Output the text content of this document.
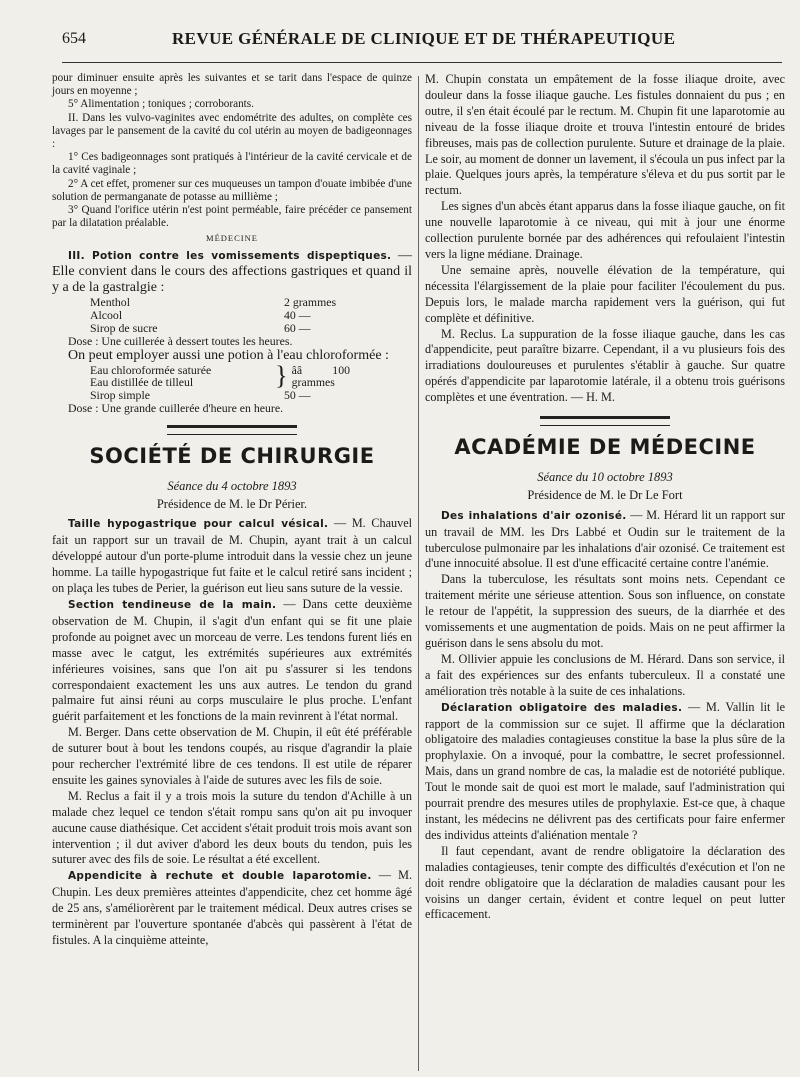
654	REVUE GÉNÉRALE DE CLINIQUE ET DE THÉRAPEUTIQUE

pour diminuer ensuite après les suivantes et se tarit dans l'espace de quinze jours en moyenne ;

5° Alimentation ; toniques ; corroborants.

II. Dans les vulvo-vaginites avec endométrite des adultes, on complète ces lavages par le pansement de la cavité du col utérin au moyen de badigeonnages :

1° Ces badigeonnages sont pratiqués à l'intérieur de la cavité cervicale et de la cavité vaginale ;

2° A cet effet, promener sur ces muqueuses un tampon d'ouate imbibée d'une solution de permanganate de potasse au millième ;

3° Quand l'orifice utérin n'est point perméable, faire précéder ce pansement par la dilatation préalable.

MÉDECINE

III. Potion contre les vomissements dispeptiques. — Elle convient dans le cours des affections gastriques et quand il y a de la gastralgie :

Menthol	2 grammes
Alcool	40 —
Sirop de sucre	60 —

Dose : Une cuillerée à dessert toutes les heures.

On peut employer aussi une potion à l'eau chloroformée :

Eau chloroformée saturée
Eau distillée de tilleul	} ââ 100 grammes
Sirop simple	50 —

Dose : Une grande cuillerée d'heure en heure.

SOCIÉTÉ DE CHIRURGIE
Séance du 4 octobre 1893
Présidence de M. le Dr Périer.

Taille hypogastrique pour calcul vésical. — M. Chauvel fait un rapport sur un travail de M. Chupin, ayant trait à un calcul développé autour d'un porte-plume introduit dans la vessie chez un jeune homme. La taille hypogastrique fut faite et le calcul retiré sans incident ; on plaça les tubes de Perier, la guérison eut lieu sans suture de la vessie.

Section tendineuse de la main. — Dans cette deuxième observation de M. Chupin, il s'agit d'un enfant qui se fit une plaie profonde au poignet avec un morceau de verre. Les tendons furent liés en masse avec le catgut, les extrémités supérieures aux extrémités inférieures voisines, sans que l'on ait pu s'assurer si les tendons correspondaient exactement les uns aux autres. Le tendon du grand palmaire fut ainsi réuni au corps musculaire le plus proche. L'enfant guérit parfaitement et les fonctions de la main revinrent à l'état normal.

M. Berger. Dans cette observation de M. Chupin, il eût été préférable de suturer bout à bout les tendons coupés, au risque d'agrandir la plaie pour rechercher l'extrémité libre de ces tendons. Il est utile de réparer ensuite les gaines synoviales à l'aide de sutures avec les fils de soie.

M. Reclus a fait il y a trois mois la suture du tendon d'Achille à un malade chez lequel ce tendon s'était rompu sans qu'on ait pu invoquer aucune cause diathésique. Cet accident s'était produit trois mois avant son intervention ; il dut aviver d'abord les deux bouts du tendon, puis les suturer avec des fils de soie. Le résultat a été excellent.

Appendicite à rechute et double laparotomie. — M. Chupin. Les deux premières atteintes d'appendicite, chez cet homme âgé de 25 ans, s'améliorèrent par le traitement médical. Deux autres crises se terminèrent par l'ouverture spontanée d'abcès qui passèrent à l'état de fistules. A la cinquième atteinte,

M. Chupin constata un empâtement de la fosse iliaque droite, avec douleur dans la fosse iliaque gauche. Les fistules donnaient du pus ; en outre, il s'en était écoulé par le rectum. M. Chupin fit une laparotomie au niveau de la fosse iliaque droite et trouva l'intestin entouré de brides fibreuses, mais pas de collection purulente. Suture et drainage de la plaie. Le soir, au moment de donner un lavement, il s'écoula un pus infect par la plaie. Quelques jours après, la température s'éleva et du pus sortit par le rectum.

Les signes d'un abcès étant apparus dans la fosse iliaque gauche, on fit une nouvelle laparotomie à ce niveau, qui mit à jour une énorme collection purulente bornée par des adhérences qui refoulaient l'intestin vers la ligne médiane. Drainage.

Une semaine après, nouvelle élévation de la température, qui nécessita l'élargissement de la plaie pour faciliter l'écoulement du pus. Depuis lors, le malade marcha rapidement vers la guérison, qui fut complète et définitive.

M. Reclus. La suppuration de la fosse iliaque gauche, dans les cas d'appendicite, peut paraître bizarre. Cependant, il a vu plusieurs fois des irradiations douloureuses et purulentes s'établir à gauche. Sur quatre opérés d'appendicite par laparotomie latérale, il a obtenu trois guérisons complètes et une éventration. — H. M.

ACADÉMIE DE MÉDECINE
Séance du 10 octobre 1893
Présidence de M. le Dr Le Fort

Des inhalations d'air ozonisé. — M. Hérard lit un rapport sur un travail de MM. les Drs Labbé et Oudin sur le traitement de la tuberculose pulmonaire par les inhalations d'air ozonisé. Ce traitement est d'une innocuité absolue. Il est d'une efficacité certaine contre l'anémie.

Dans la tuberculose, les résultats sont moins nets. Cependant ce traitement mérite une sérieuse attention. Sous son influence, on constate le retour de l'appétit, la suppression des sueurs, de la diarrhée et des vomissements et une augmentation de poids. Mais on ne peut affirmer la guérison dans le sens absolu du mot.

M. Ollivier appuie les conclusions de M. Hérard. Dans son service, il a fait des expériences sur des enfants tuberculeux. Il a constaté une amélioration très notable à la suite de ces inhalations.

Déclaration obligatoire des maladies. — M. Vallin lit le rapport de la commission sur ce sujet. Il affirme que la déclaration obligatoire des maladies contagieuses constitue la base la plus sûre de la prophylaxie. On a invoqué, pour la combattre, le secret professionnel. Mais, dans un grand nombre de cas, la maladie est de notoriété publique. Tout le monde sait de quoi est mort le malade, sauf l'administration qui pourrait prendre des mesures utiles de prophylaxie. Est-ce que, à chaque instant, les médecins ne délivrent pas des certificats pour faire enfermer des individus atteints d'aliénation mentale ?

Il faut cependant, avant de rendre obligatoire la déclaration des maladies contagieuses, tenir compte des difficultés d'exécution et l'on ne doit rendre obligatoire que la déclaration de maladies causant pour les voisins un danger certain, évident et contre lequel on peut lutter efficacement.
